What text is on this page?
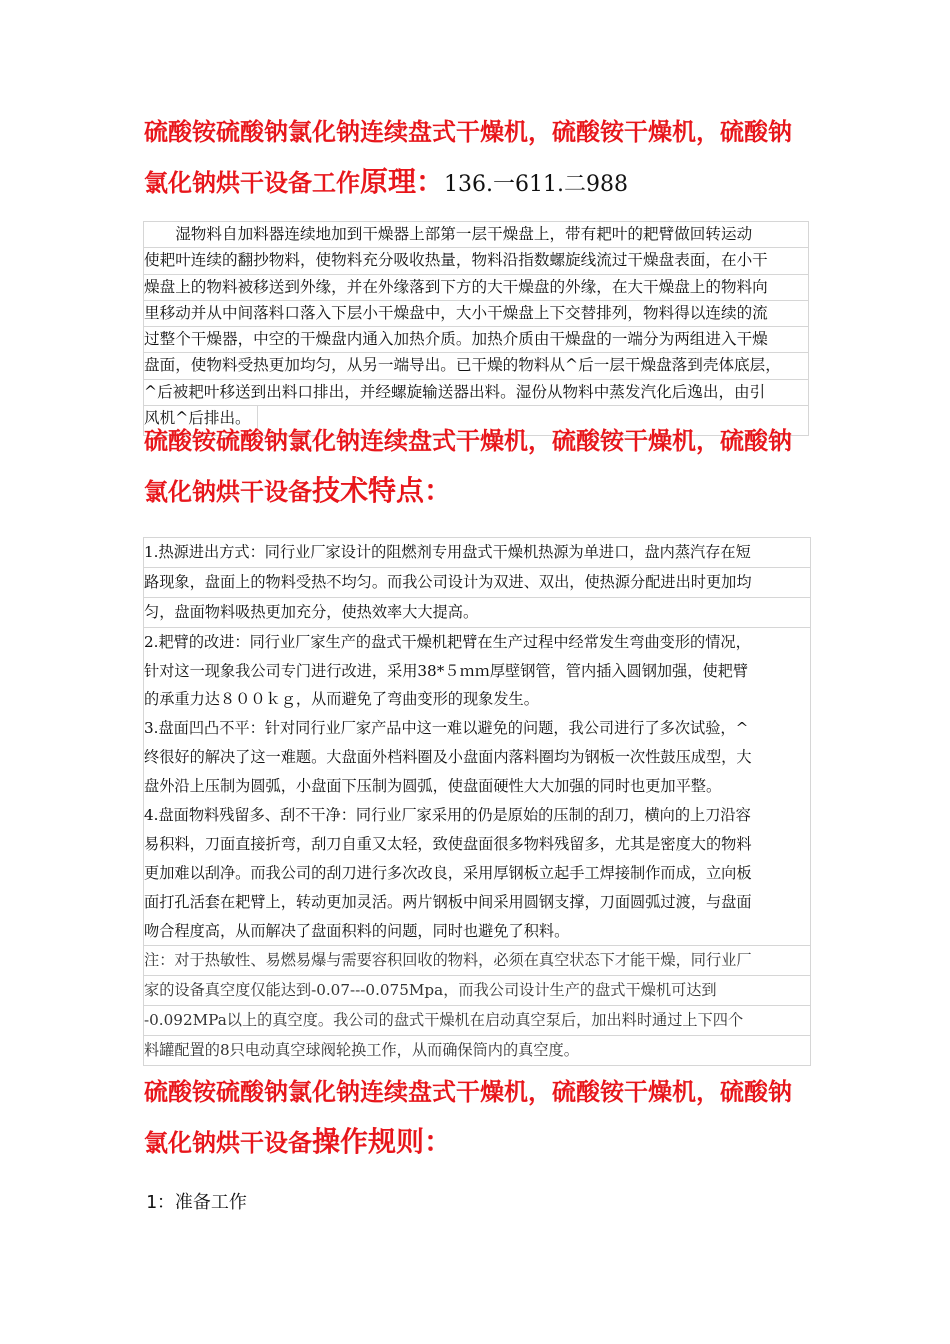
硫酸铵硫酸钠氯化钠连续盘式干燥机，硫酸铵干燥机，硫酸钠
氯化钠烘干设备工作原理：136.一611.二988
　　湿物料自加料器连续地加到干燥器上部第一层干燥盘上，带有耙叶的耙臂做回转运动
使耙叶连续的翻抄物料，使物料充分吸收热量，物料沿指数螺旋线流过干燥盘表面，在小干
燥盘上的物料被移送到外缘，并在外缘落到下方的大干燥盘的外缘，在大干燥盘上的物料向
里移动并从中间落料口落入下层小干燥盘中，大小干燥盘上下交替排列，物料得以连续的流
过整个干燥器，中空的干燥盘内通入加热介质。加热介质由干燥盘的一端分为两组进入干燥
盘面，使物料受热更加均匀，从另一端导出。已干燥的物料从^后一层干燥盘落到壳体底层，
^后被耙叶移送到出料口排出，并经螺旋输送器出料。湿份从物料中蒸发汽化后逸出，由引
风机^后排出。
硫酸铵硫酸钠氯化钠连续盘式干燥机，硫酸铵干燥机，硫酸钠
氯化钠烘干设备技术特点：
1.热源进出方式：同行业厂家设计的阻燃剂专用盘式干燥机热源为单进口，盘内蒸汽存在短
路现象，盘面上的物料受热不均匀。而我公司设计为双进、双出，使热源分配进出时更加均
匀，盘面物料吸热更加充分，使热效率大大提高。
2.耙臂的改进：同行业厂家生产的盘式干燥机耙臂在生产过程中经常发生弯曲变形的情况，
针对这一现象我公司专门进行改进，采用38*５ｍｍ厚壁钢管，管内插入圆钢加强，使耙臂
的承重力达８００ｋｇ，从而避免了弯曲变形的现象发生。
3.盘面凹凸不平：针对同行业厂家产品中这一难以避免的问题，我公司进行了多次试验，^
终很好的解决了这一难题。大盘面外档料圈及小盘面内落料圈均为钢板一次性鼓压成型，大
盘外沿上压制为圆弧，小盘面下压制为圆弧，使盘面硬性大大加强的同时也更加平整。
4.盘面物料残留多、刮不干净：同行业厂家采用的仍是原始的压制的刮刀，横向的上刀沿容
易积料，刀面直接折弯，刮刀自重又太轻，致使盘面很多物料残留多，尤其是密度大的物料
更加难以刮净。而我公司的刮刀进行多次改良，采用厚钢板立起手工焊接制作而成，立向板
面打孔活套在耙臂上，转动更加灵活。两片钢板中间采用圆钢支撑，刀面圆弧过渡，与盘面
吻合程度高，从而解决了盘面积料的问题，同时也避免了积料。
注：对于热敏性、易燃易爆与需要容积回收的物料，必须在真空状态下才能干燥，同行业厂
家的设备真空度仅能达到-0.07---0.075Mpa，而我公司设计生产的盘式干燥机可达到
-0.092MPa以上的真空度。我公司的盘式干燥机在启动真空泵后，加出料时通过上下四个
料罐配置的8只电动真空球阀轮换工作，从而确保筒内的真空度。
硫酸铵硫酸钠氯化钠连续盘式干燥机，硫酸铵干燥机，硫酸钠
氯化钠烘干设备操作规则：
1：准备工作
